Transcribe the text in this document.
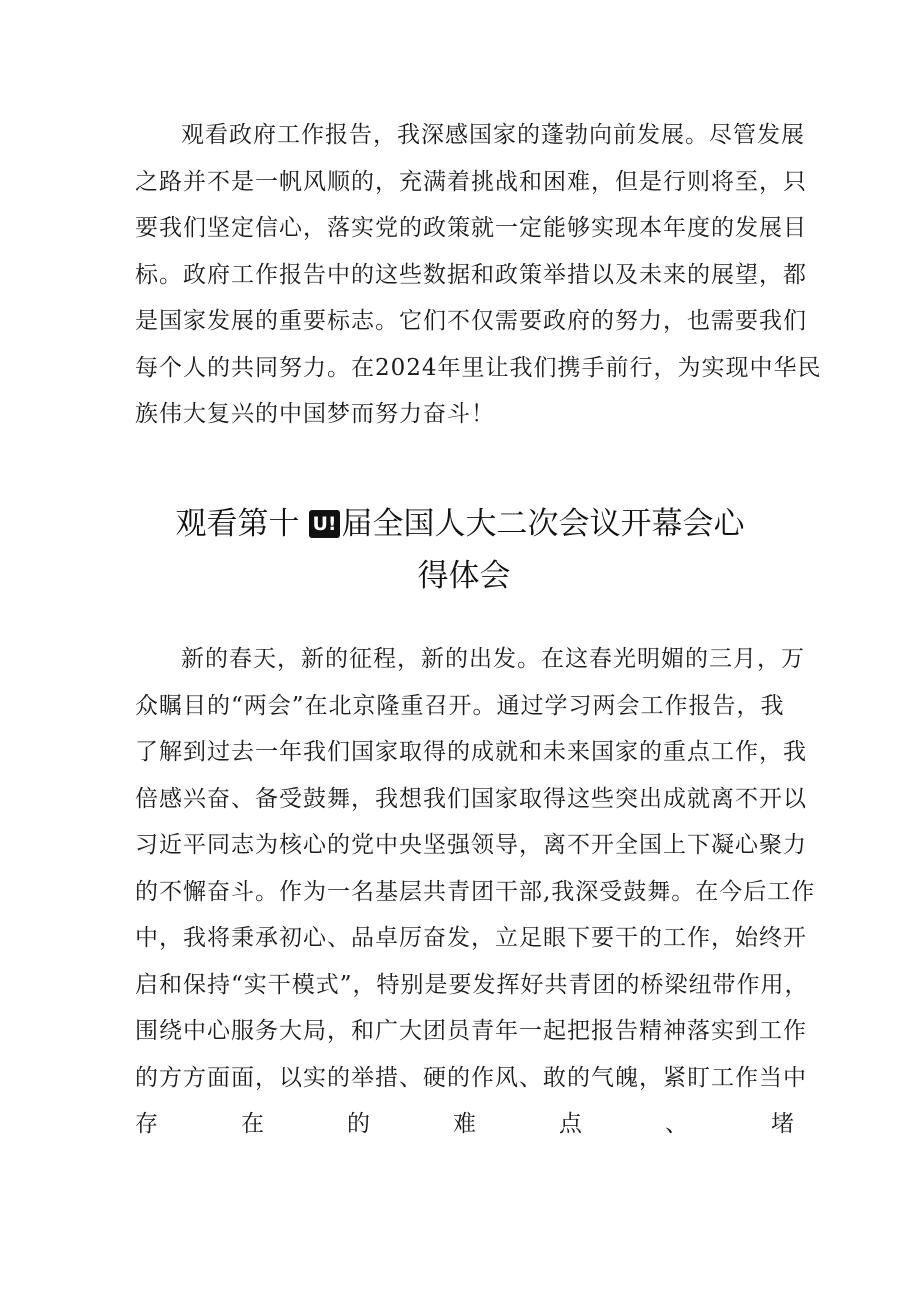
观看政府工作报告，我深感国家的蓬勃向前发展。尽管发展
之路并不是一帆风顺的，充满着挑战和困难，但是行则将至，只
要我们坚定信心，落实党的政策就一定能够实现本年度的发展目
标。政府工作报告中的这些数据和政策举措以及未来的展望，都
是国家发展的重要标志。它们不仅需要政府的努力，也需要我们
每个人的共同努力。在2024年里让我们携手前行，为实现中华民
族伟大复兴的中国梦而努力奋斗！
观看第十 U! 届全国人大二次会议开幕会心
得体会
新的春天，新的征程，新的出发。在这春光明媚的三月，万
众瞩目的“两会”在北京隆重召开。通过学习两会工作报告，我
了解到过去一年我们国家取得的成就和未来国家的重点工作，我
倍感兴奋、备受鼓舞，我想我们国家取得这些突出成就离不开以
习近平同志为核心的党中央坚强领导，离不开全国上下凝心聚力
的不懈奋斗。作为一名基层共青团干部,我深受鼓舞。在今后工作
中，我将秉承初心、品卓厉奋发，立足眼下要干的工作，始终开
启和保持“实干模式”，特别是要发挥好共青团的桥梁纽带作用，
围绕中心服务大局，和广大团员青年一起把报告精神落实到工作
的方方面面，以实的举措、硬的作风、敢的气魄，紧盯工作当中
存	在	的	难	点	、	堵
